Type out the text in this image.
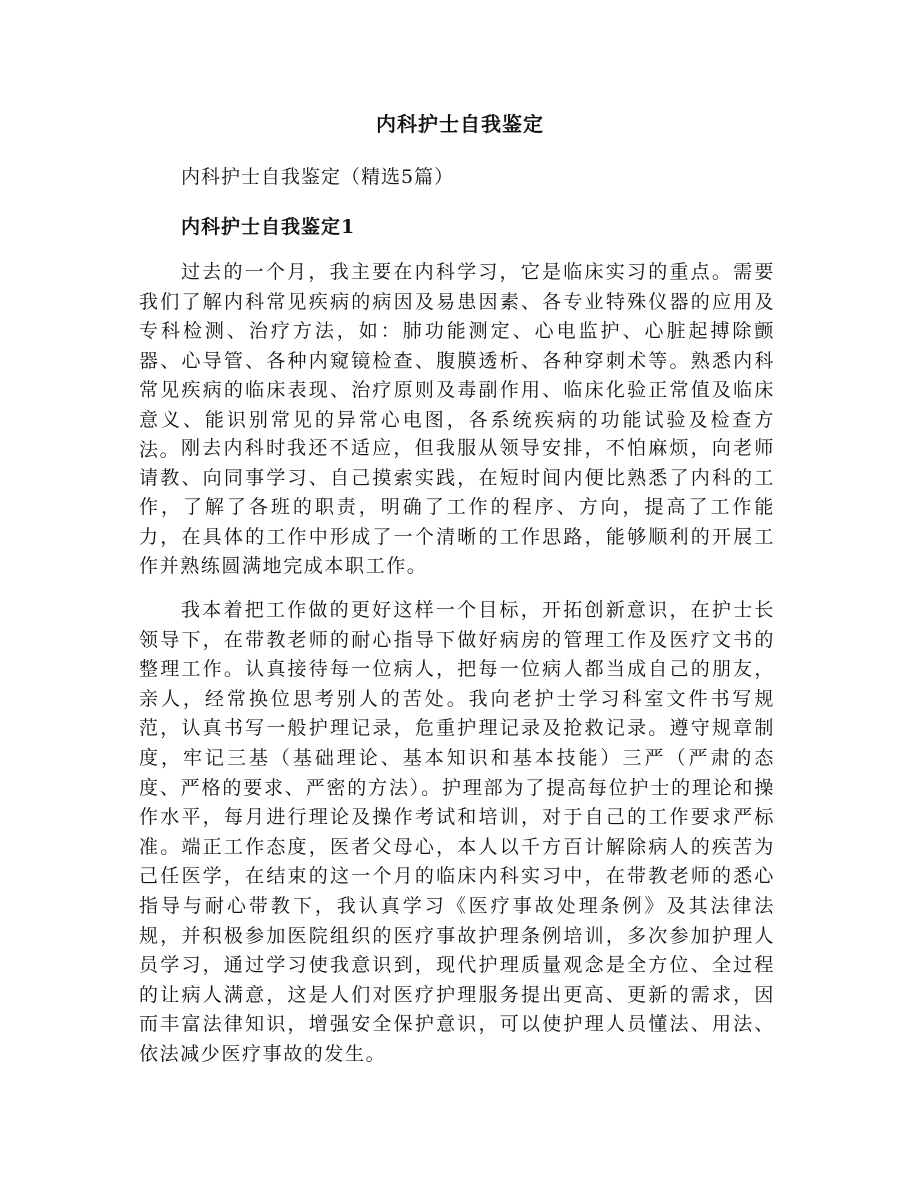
内科护士自我鉴定

内科护士自我鉴定（精选5篇）

内科护士自我鉴定1

过去的一个月，我主要在内科学习，它是临床实习的重点。需要我们了解内科常见疾病的病因及易患因素、各专业特殊仪器的应用及专科检测、治疗方法，如：肺功能测定、心电监护、心脏起搏除颤器、心导管、各种内窥镜检查、腹膜透析、各种穿刺术等。熟悉内科常见疾病的临床表现、治疗原则及毒副作用、临床化验正常值及临床意义、能识别常见的异常心电图，各系统疾病的功能试验及检查方法。 刚去内科时我还不适应，但我服从领导安排，不怕麻烦，向老师请教、向同事学习、自己摸索实践，在短时间内便比熟悉了内科的工作，了解了各班的职责，明确了工作的程序、方向，提高了工作能力，在具体的工作中形成了一个清晰的工作思路，能够顺利的开展工作并熟练圆满地完成本职工作。

我本着把工作做的更好这样一个目标，开拓创新意识，在护士长领导下，在带教老师的耐心指导下做好病房的管理工作及医疗文书的整理工作。认真接待每一位病人，把每一位病人都当成自己的朋友，亲人，经常换位思考别人的苦处。我向老护士学习科室文件书写规范，认真书写一般护理记录，危重护理记录及抢救记录。遵守规章制度，牢记三基（基础理论、基本知识和基本技能）三严（严肃的态度、严格的要求、严密的方法）。护理部为了提高每位护士的理论和操作水平，每月进行理论及操作考试和培训，对于自己的工作要求严标准。端正工作态度，医者父母心，本人以千方百计解除病人的疾苦为己任医学，在结束的这一个月的临床内科实习中，在带教老师的悉心指导与耐心带教下，我认真学习《医疗事故处理条例》及其法律法规，并积极参加医院组织的医疗事故护理条例培训，多次参加护理人员学习，通过学习使我意识到，现代护理质量观念是全方位、全过程的让病人满意，这是人们对医疗护理服务提出更高、更新的需求，因而丰富法律知识，增强安全保护意识，可以使护理人员懂法、用法、依法减少医疗事故的发生。
